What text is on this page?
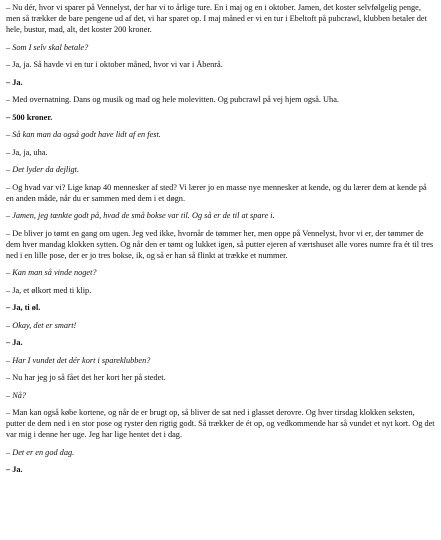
– Nu dér, hvor vi sparer på Vennelyst, der har vi to årlige ture. En i maj og en i oktober. Jamen, det koster selvfølgelig penge, men så trækker de bare pengene ud af det, vi har sparet op. I maj måned er vi en tur i Ebeltoft på pubcrawl, klubben betaler det hele, bustur, mad, alt, det koster 200 kroner.

– Som I selv skal betale?

– Ja, ja. Så havde vi en tur i oktober måned, hvor vi var i Åbenrå.

– Ja.

– Med overnatning. Dans og musik og mad og hele molevitten. Og pubcrawl på vej hjem også. Uha.

– 500 kroner.

– Så kan man da også godt have lidt af en fest.

– Ja, ja, uha.

– Det lyder da dejligt.

– Og hvad var vi? Lige knap 40 mennesker af sted? Vi lærer jo en masse nye mennesker at kende, og du lærer dem at kende på en anden måde, når du er sammen med dem i et døgn.

– Jamen, jeg tænkte godt på, hvad de små bokse var til. Og så er de til at spare i.

– De bliver jo tømt en gang om ugen. Jeg ved ikke, hvornår de tømmer her, men oppe på Vennelyst, hvor vi er, der tømmer de dem hver mandag klokken sytten. Og når den er tømt og lukket igen, så putter ejeren af værtshuset alle vores numre fra ét til tres ned i en lille pose, der er jo tres bokse, ik, og så er han så flinkt at trække et nummer.

– Kan man så vinde noget?

– Ja, et ølkort med ti klip.

– Ja, ti øl.

– Okay, det er smart!

– Ja.

– Har I vundet det dér kort i spareklubben?

– Nu har jeg jo så fået det her kort her på stedet.

– Nå?

– Man kan også købe kortene, og når de er brugt op, så bliver de sat ned i glasset derovre. Og hver tirsdag klokken seksten, putter de dem ned i en stor pose og ryster den rigtig godt. Så trækker de ét op, og vedkommende har så vundet et nyt kort. Og det var mig i denne her uge. Jeg har lige hentet det i dag.

– Det er en god dag.

– Ja.
